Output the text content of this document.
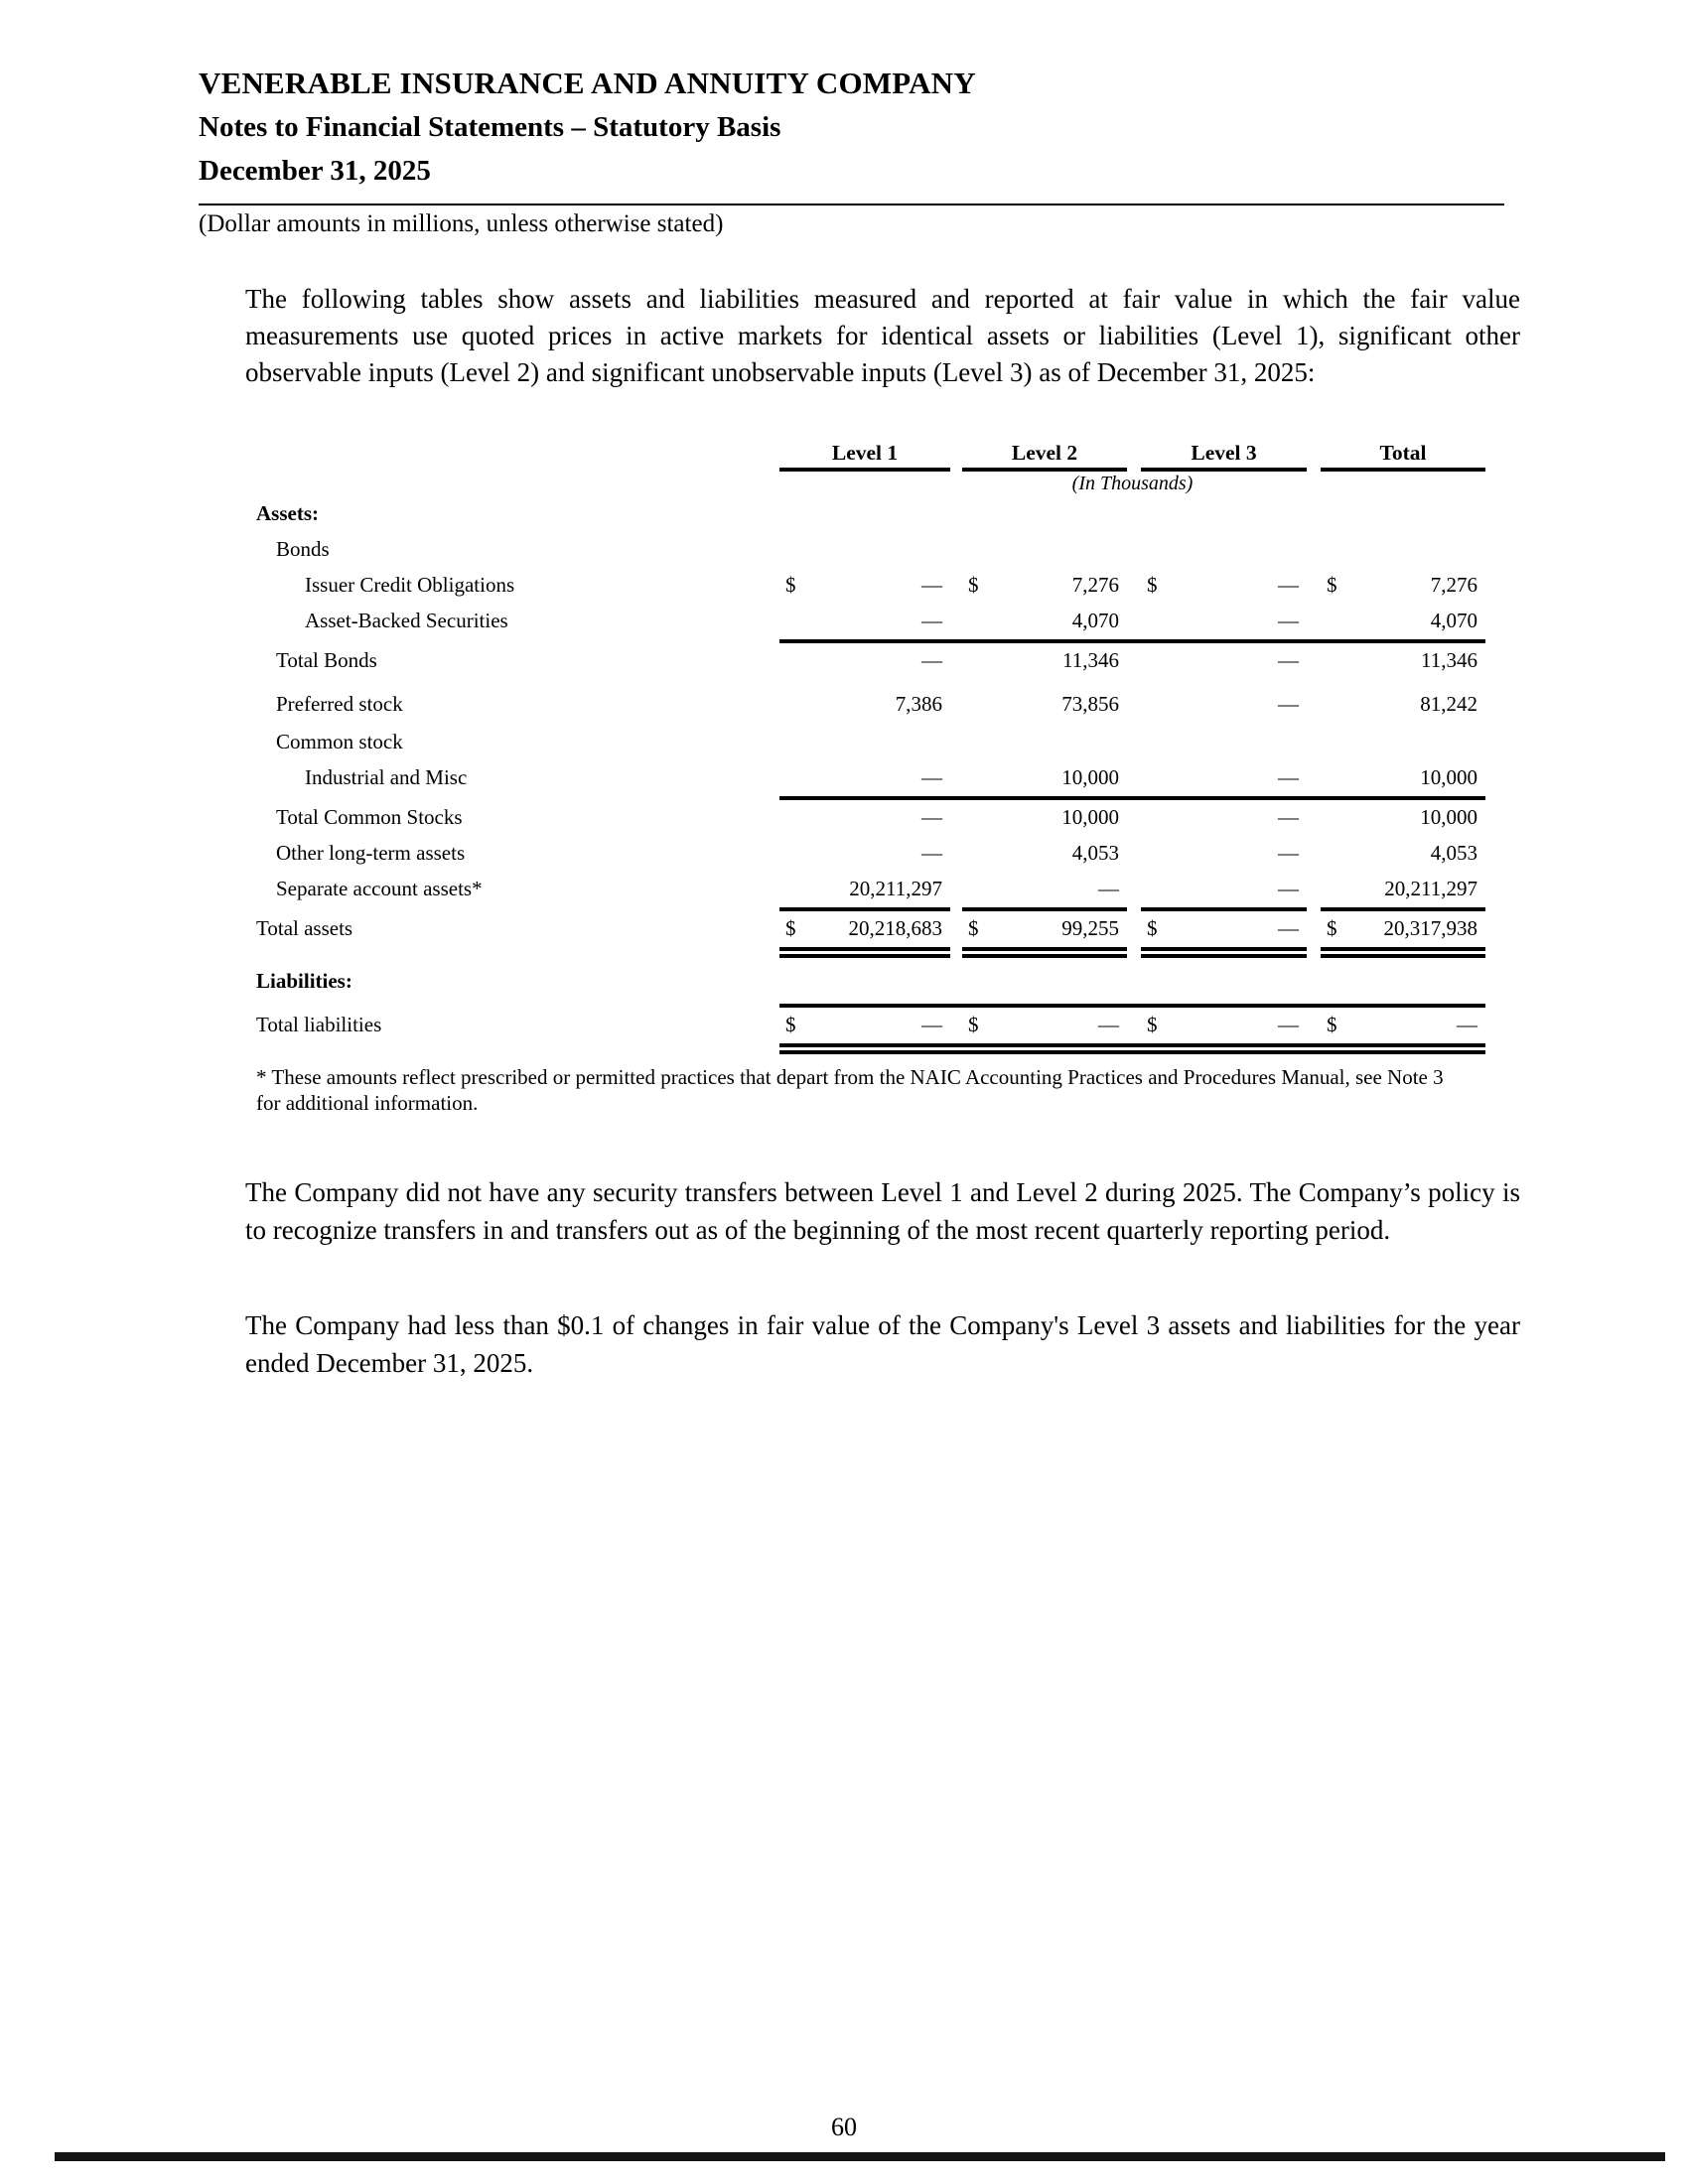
VENERABLE INSURANCE AND ANNUITY COMPANY
Notes to Financial Statements – Statutory Basis
December 31, 2025
(Dollar amounts in millions, unless otherwise stated)
The following tables show assets and liabilities measured and reported at fair value in which the fair value measurements use quoted prices in active markets for identical assets or liabilities (Level 1), significant other observable inputs (Level 2) and significant unobservable inputs (Level 3) as of December 31, 2025:
Level 1	Level 2	Level 3	Total
(In Thousands)
Assets:
Bonds
Issuer Credit Obligations	$	—	$	7,276	$	—	$	7,276
Asset-Backed Securities	—	4,070	—	4,070
Total Bonds	—	11,346	—	11,346
Preferred stock	7,386	73,856	—	81,242
Common stock
Industrial and Misc	—	10,000	—	10,000
Total Common Stocks	—	10,000	—	10,000
Other long-term assets	—	4,053	—	4,053
Separate account assets*	20,211,297	—	—	20,211,297
Total assets	$	20,218,683	$	99,255	$	—	$ 20,317,938
Liabilities:
Total liabilities	$	—	$	—	$	—	$	—
* These amounts reflect prescribed or permitted practices that depart from the NAIC Accounting Practices and Procedures Manual, see Note 3 for additional information.
The Company did not have any security transfers between Level 1 and Level 2 during 2025. The Company’s policy is to recognize transfers in and transfers out as of the beginning of the most recent quarterly reporting period.
The Company had less than $0.1 of changes in fair value of the Company's Level 3 assets and liabilities for the year ended December 31, 2025.
60
